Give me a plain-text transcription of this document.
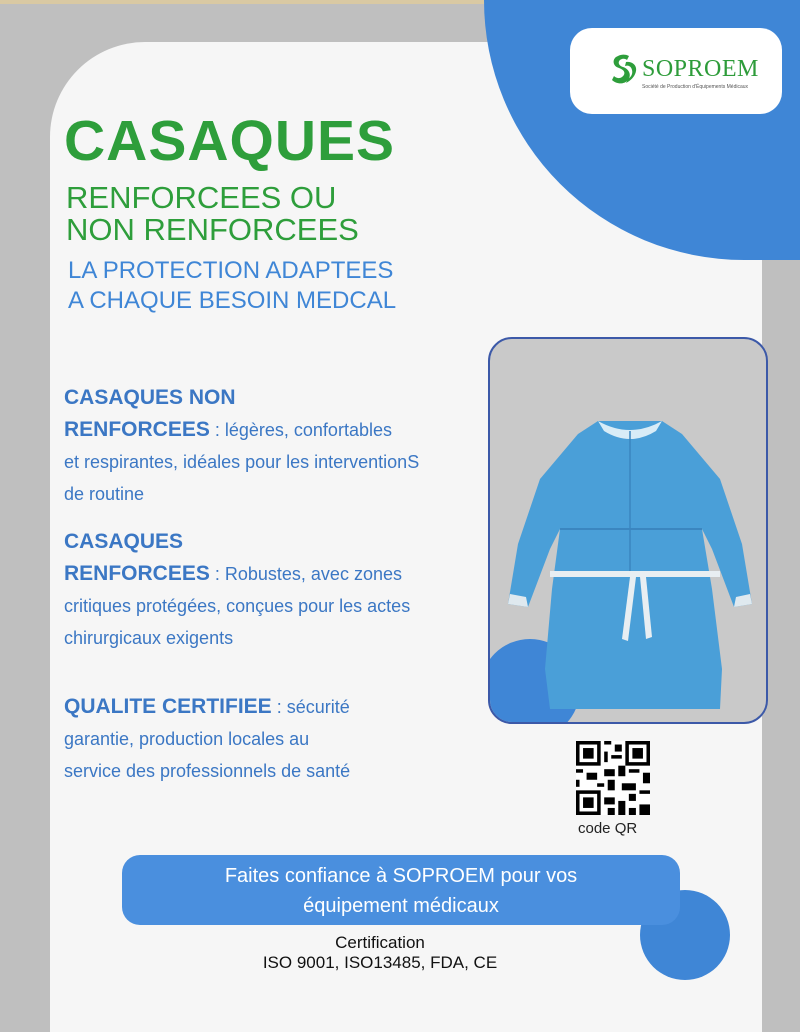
SOPROEM
Société de Production d'Équipements Médicaux
CASAQUES
RENFORCEES OU
NON RENFORCEES
LA PROTECTION ADAPTEES
A CHAQUE BESOIN MEDCAL
CASAQUES NON
RENFORCEES : légères, confortables
et respirantes, idéales pour les interventionS
de routine
CASAQUES
RENFORCEES : Robustes, avec zones
critiques protégées, conçues pour les actes
chirurgicaux exigents
QUALITE CERTIFIEE : sécurité
garantie, production locales au
service des professionnels de santé
code QR
Faites confiance à SOPROEM pour vos
équipement médicaux
Certification
ISO 9001, ISO13485, FDA, CE
